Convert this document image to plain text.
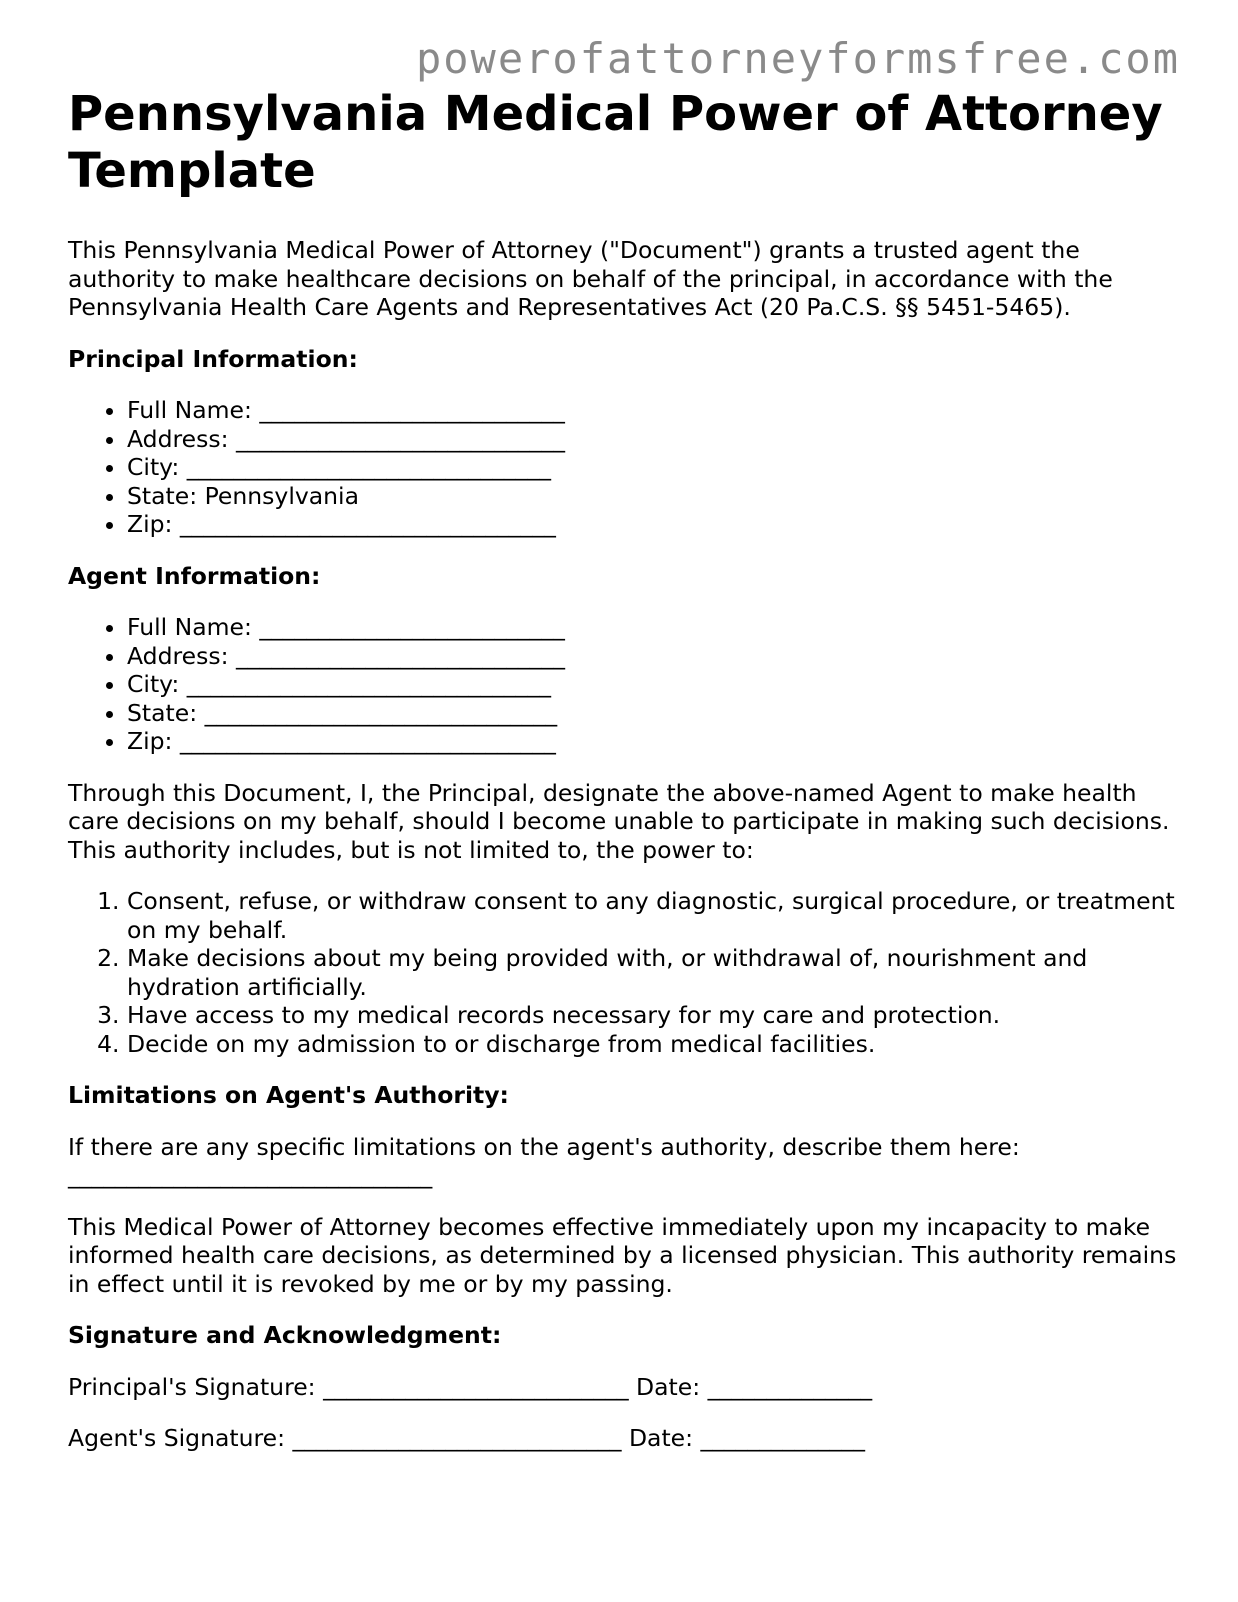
powerofattorneyformsfree.com
Pennsylvania Medical Power of Attorney Template

This Pennsylvania Medical Power of Attorney ("Document") grants a trusted agent the authority to make healthcare decisions on behalf of the principal, in accordance with the Pennsylvania Health Care Agents and Representatives Act (20 Pa.C.S. §§ 5451-5465).

Principal Information:

• Full Name: __________________________
• Address: ____________________________
• City: _______________________________
• State: Pennsylvania
• Zip: ________________________________

Agent Information:

• Full Name: __________________________
• Address: ____________________________
• City: _______________________________
• State: ______________________________
• Zip: ________________________________

Through this Document, I, the Principal, designate the above-named Agent to make health care decisions on my behalf, should I become unable to participate in making such decisions. This authority includes, but is not limited to, the power to:

1. Consent, refuse, or withdraw consent to any diagnostic, surgical procedure, or treatment on my behalf.
2. Make decisions about my being provided with, or withdrawal of, nourishment and hydration artificially.
3. Have access to my medical records necessary for my care and protection.
4. Decide on my admission to or discharge from medical facilities.

Limitations on Agent's Authority:

If there are any specific limitations on the agent's authority, describe them here:
_______________________________

This Medical Power of Attorney becomes effective immediately upon my incapacity to make informed health care decisions, as determined by a licensed physician. This authority remains in effect until it is revoked by me or by my passing.

Signature and Acknowledgment:

Principal's Signature: __________________________ Date: ______________

Agent's Signature: ____________________________ Date: ______________
